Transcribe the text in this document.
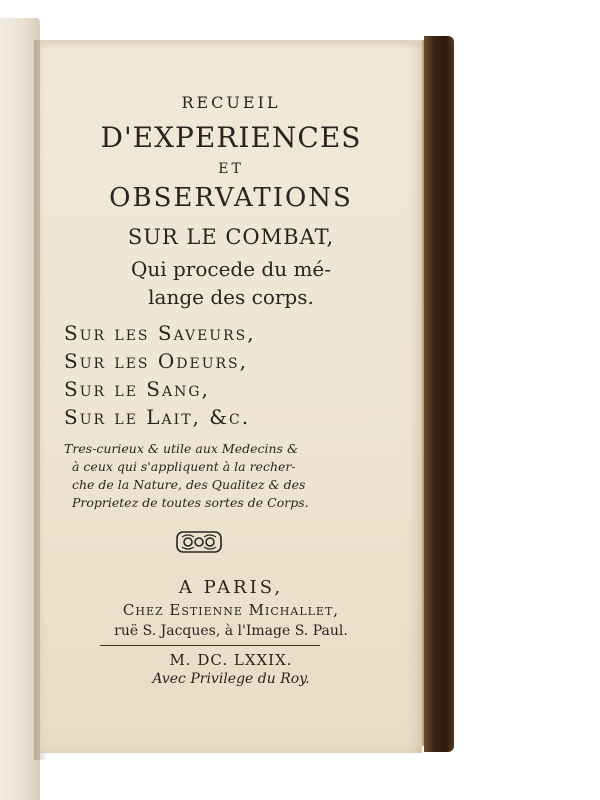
RECUEIL
D'EXPERIENCES
ET
OBSERVATIONS
SUR LE COMBAT,
Qui procede du mé-
lange des corps.
Sur les Saveurs,
Sur les Odeurs,
Sur le Sang,
Sur le Lait, &c.
Tres-curieux & utile aux Medecins &
à ceux qui s'appliquent à la recher-
che de la Nature, des Qualitez & des
Proprietez de toutes sortes de Corps.
A PARIS,
Chez Estienne Michallet,
ruë S. Jacques, à l'Image S. Paul.
M. DC. LXXIX.
Avec Privilege du Roy.
